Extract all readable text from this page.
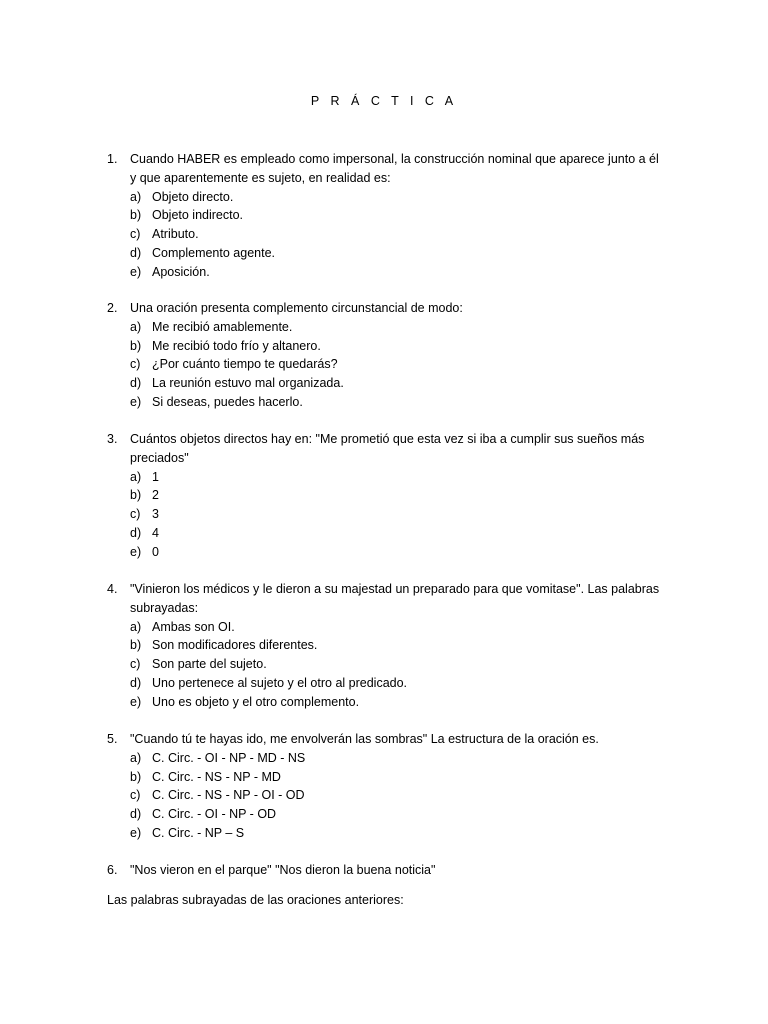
P R Á C T I C A
1.	Cuando HABER es empleado como impersonal, la construcción nominal que aparece junto a él y que aparentemente es sujeto, en realidad es:
a) Objeto directo.
b) Objeto indirecto.
c) Atributo.
d) Complemento agente.
e) Aposición.
2.	Una oración presenta complemento circunstancial de modo:
a) Me recibió amablemente.
b) Me recibió todo frío y altanero.
c) ¿Por cuánto tiempo te quedarás?
d) La reunión estuvo mal organizada.
e) Si deseas, puedes hacerlo.
3.	Cuántos objetos directos hay en: "Me prometió que esta vez si iba a cumplir sus sueños más preciados"
a) 1
b) 2
c) 3
d) 4
e) 0
4.	"Vinieron los médicos y le dieron a su majestad un preparado para que vomitase". Las palabras subrayadas:
a) Ambas son OI.
b) Son modificadores diferentes.
c) Son parte del sujeto.
d) Uno pertenece al sujeto y el otro al predicado.
e) Uno es objeto y el otro complemento.
5.	"Cuando tú te hayas ido, me envolverán las sombras" La estructura de la oración es.
a) C. Circ. - OI - NP - MD - NS
b) C. Circ. - NS - NP - MD
c) C. Circ. - NS - NP - OI - OD
d) C. Circ. - OI - NP - OD
e) C. Circ. - NP – S
6.	"Nos vieron en el parque" "Nos dieron la buena noticia"
Las palabras subrayadas de las oraciones anteriores:
